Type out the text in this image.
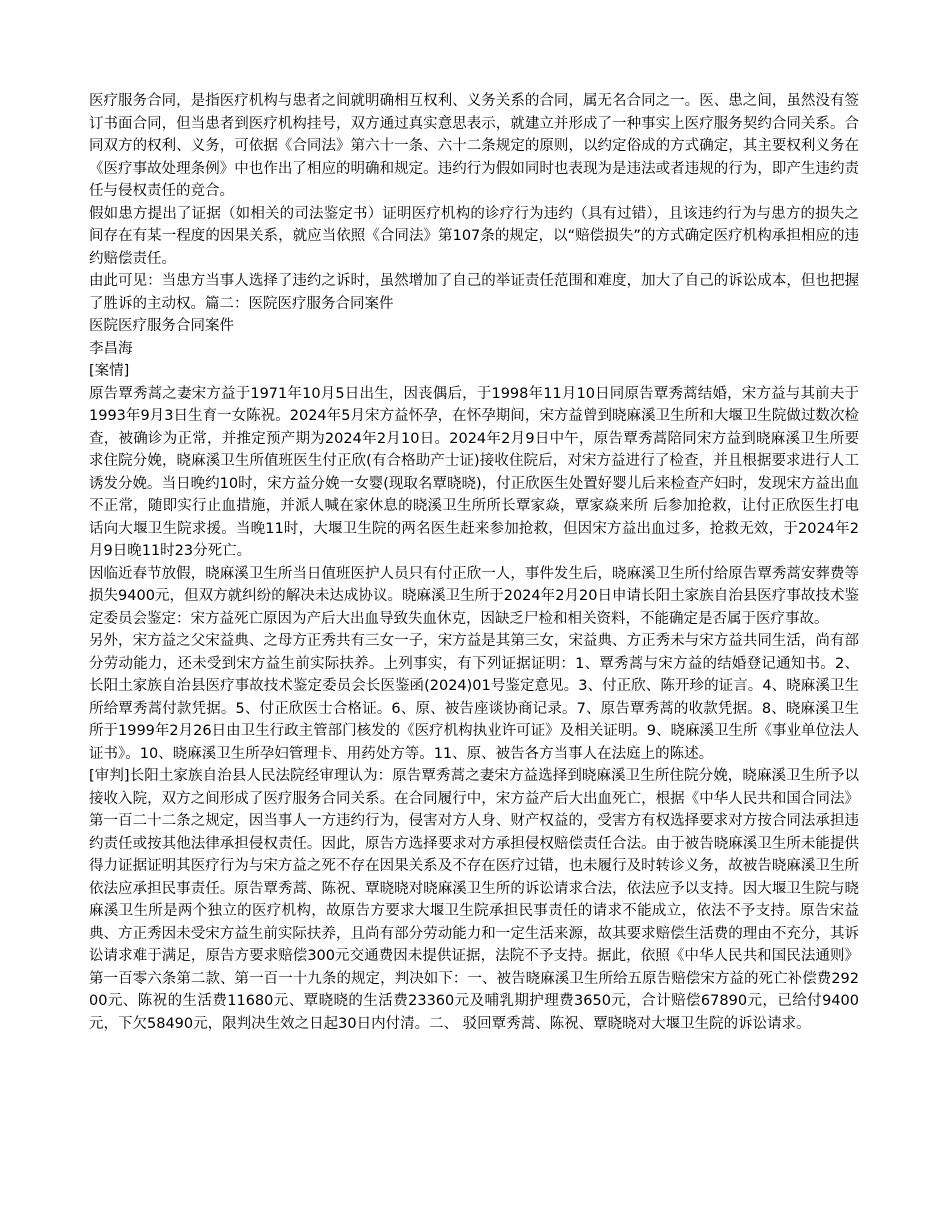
医疗服务合同，是指医疗机构与患者之间就明确相互权利、义务关系的合同，属无名合同之一。医、患之间，虽然没有签订书面合同，但当患者到医疗机构挂号，双方通过真实意思表示，就建立并形成了一种事实上医疗服务契约合同关系。合同双方的权利、义务，可依据《合同法》第六十一条、六十二条规定的原则，以约定俗成的方式确定，其主要权利义务在《医疗事故处理条例》中也作出了相应的明确和规定。违约行为假如同时也表现为是违法或者违规的行为，即产生违约责任与侵权责任的竞合。

假如患方提出了证据（如相关的司法鉴定书）证明医疗机构的诊疗行为违约（具有过错），且该违约行为与患方的损失之间存在有某一程度的因果关系，就应当依照《合同法》第107条的规定，以“赔偿损失”的方式确定医疗机构承担相应的违约赔偿责任。

由此可见：当患方当事人选择了违约之诉时，虽然增加了自己的举证责任范围和难度，加大了自己的诉讼成本，但也把握了胜诉的主动权。篇二：医院医疗服务合同案件

医院医疗服务合同案件

李昌海

[案情]

原告覃秀蒿之妻宋方益于1971年10月5日出生，因丧偶后，于1998年11月10日同原告覃秀蒿结婚，宋方益与其前夫于1993年9月3日生育一女陈祝。2024年5月宋方益怀孕，在怀孕期间，宋方益曾到晓麻溪卫生所和大堰卫生院做过数次检查，被确诊为正常，并推定预产期为2024年2月10日。2024年2月9日中午，原告覃秀蒿陪同宋方益到晓麻溪卫生所要求住院分娩，晓麻溪卫生所值班医生付正欣(有合格助产士证)接收住院后，对宋方益进行了检查，并且根据要求进行人工诱发分娩。当日晚约10时，宋方益分娩一女婴(现取名覃晓晓)，付正欣医生处置好婴儿后来检查产妇时，发现宋方益出血不正常，随即实行止血措施，并派人喊在家休息的晓溪卫生所所长覃家焱，覃家焱来所 后参加抢救，让付正欣医生打电话向大堰卫生院求援。当晚11时，大堰卫生院的两名医生赶来参加抢救，但因宋方益出血过多，抢救无效，于2024年2月9日晚11时23分死亡。

因临近春节放假，晓麻溪卫生所当日值班医护人员只有付正欣一人，事件发生后，晓麻溪卫生所付给原告覃秀蒿安葬费等损失9400元，但双方就纠纷的解决未达成协议。晓麻溪卫生所于2024年2月20日申请长阳土家族自治县医疗事故技术鉴定委员会鉴定：宋方益死亡原因为产后大出血导致失血休克，因缺乏尸检和相关资料，不能确定是否属于医疗事故。

另外，宋方益之父宋益典、之母方正秀共有三女一子，宋方益是其第三女，宋益典、方正秀未与宋方益共同生活，尚有部分劳动能力，还未受到宋方益生前实际扶养。上列事实，有下列证据证明：1、覃秀蒿与宋方益的结婚登记通知书。2、长阳土家族自治县医疗事故技术鉴定委员会长医鉴函(2024)01号鉴定意见。3、付正欣、陈开珍的证言。4、晓麻溪卫生所给覃秀蒿付款凭据。5、付正欣医士合格证。6、原、被告座谈协商记录。7、原告覃秀蒿的收款凭据。8、晓麻溪卫生所于1999年2月26日由卫生行政主管部门核发的《医疗机构执业许可证》及相关证明。9、晓麻溪卫生所《事业单位法人证书》。10、晓麻溪卫生所孕妇管理卡、用药处方等。11、原、被告各方当事人在法庭上的陈述。

[审判]长阳土家族自治县人民法院经审理认为：原告覃秀蒿之妻宋方益选择到晓麻溪卫生所住院分娩，晓麻溪卫生所予以接收入院，双方之间形成了医疗服务合同关系。在合同履行中，宋方益产后大出血死亡，根据《中华人民共和国合同法》第一百二十二条之规定，因当事人一方违约行为，侵害对方人身、财产权益的，受害方有权选择要求对方按合同法承担违约责任或按其他法律承担侵权责任。因此，原告方选择要求对方承担侵权赔偿责任合法。由于被告晓麻溪卫生所未能提供得力证据证明其医疗行为与宋方益之死不存在因果关系及不存在医疗过错，也未履行及时转诊义务，故被告晓麻溪卫生所依法应承担民事责任。原告覃秀蒿、陈祝、覃晓晓对晓麻溪卫生所的诉讼请求合法，依法应予以支持。因大堰卫生院与晓麻溪卫生所是两个独立的医疗机构，故原告方要求大堰卫生院承担民事责任的请求不能成立，依法不予支持。原告宋益典、方正秀因未受宋方益生前实际扶养，且尚有部分劳动能力和一定生活来源，故其要求赔偿生活费的理由不充分，其诉讼请求难于满足，原告方要求赔偿300元交通费因未提供证据，法院不予支持。据此，依照《中华人民共和国民法通则》第一百零六条第二款、第一百一十九条的规定，判决如下：一、被告晓麻溪卫生所给五原告赔偿宋方益的死亡补偿费29200元、陈祝的生活费11680元、覃晓晓的生活费23360元及哺乳期护理费3650元，合计赔偿67890元，已给付9400元，下欠58490元，限判决生效之日起30日内付清。二、 驳回覃秀蒿、陈祝、覃晓晓对大堰卫生院的诉讼请求。
